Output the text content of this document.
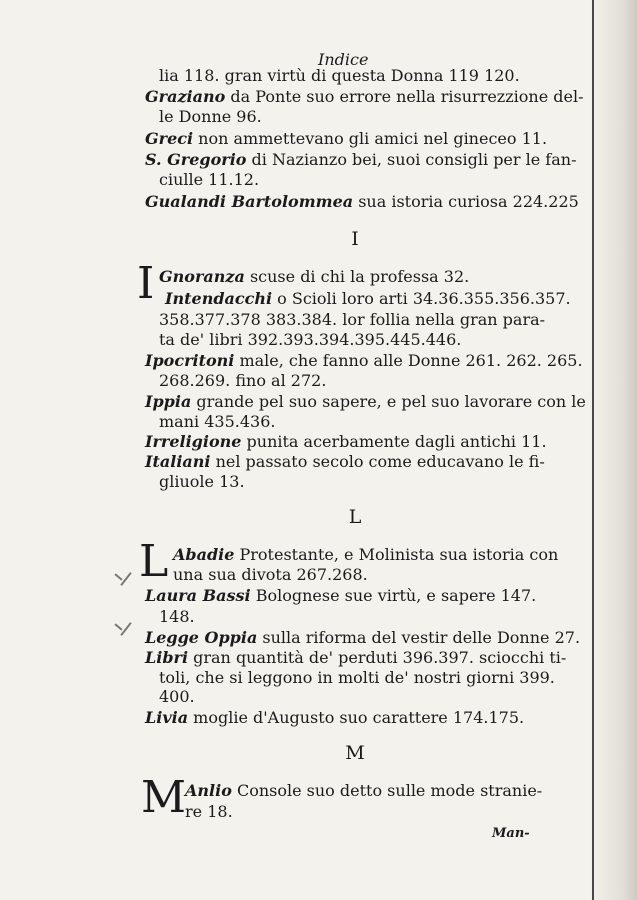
Indice
lia 118. gran virtù di questa Donna 119 120.
Graziano da Ponte suo errore nella risurrezzione del-
le Donne 96.
Greci non ammettevano gli amici nel gineceo 11.
S. Gregorio di Nazianzo bei, suoi consigli per le fan-
ciulle 11.12.
Gualandi Bartolommea sua istoria curiosa 224.225
I
I Gnoranza scuse di chi la professa 32.
Intendacchi o Scioli loro arti 34.36.355.356.357.
358.377.378 383.384. lor follia nella gran para-
ta de' libri 392.393.394.395.445.446.
Ipocritoni male, che fanno alle Donne 261. 262. 265.
268.269. fino al 272.
Ippia grande pel suo sapere, e pel suo lavorare con le
mani 435.436.
Irreligione punita acerbamente dagli antichi 11.
Italiani nel passato secolo come educavano le fi-
gliuole 13.
L
L Abadie Protestante, e Molinista sua istoria con
una sua divota 267.268.
Laura Bassi Bolognese sue virtù, e sapere 147.
148.
Legge Oppia sulla riforma del vestir delle Donne 27.
Libri gran quantità de' perduti 396.397. sciocchi ti-
toli, che si leggono in molti de' nostri giorni 399.
400.
Livia moglie d'Augusto suo carattere 174.175.
M
M
Anlio Console suo detto sulle mode stranie-
re 18.
Man-
